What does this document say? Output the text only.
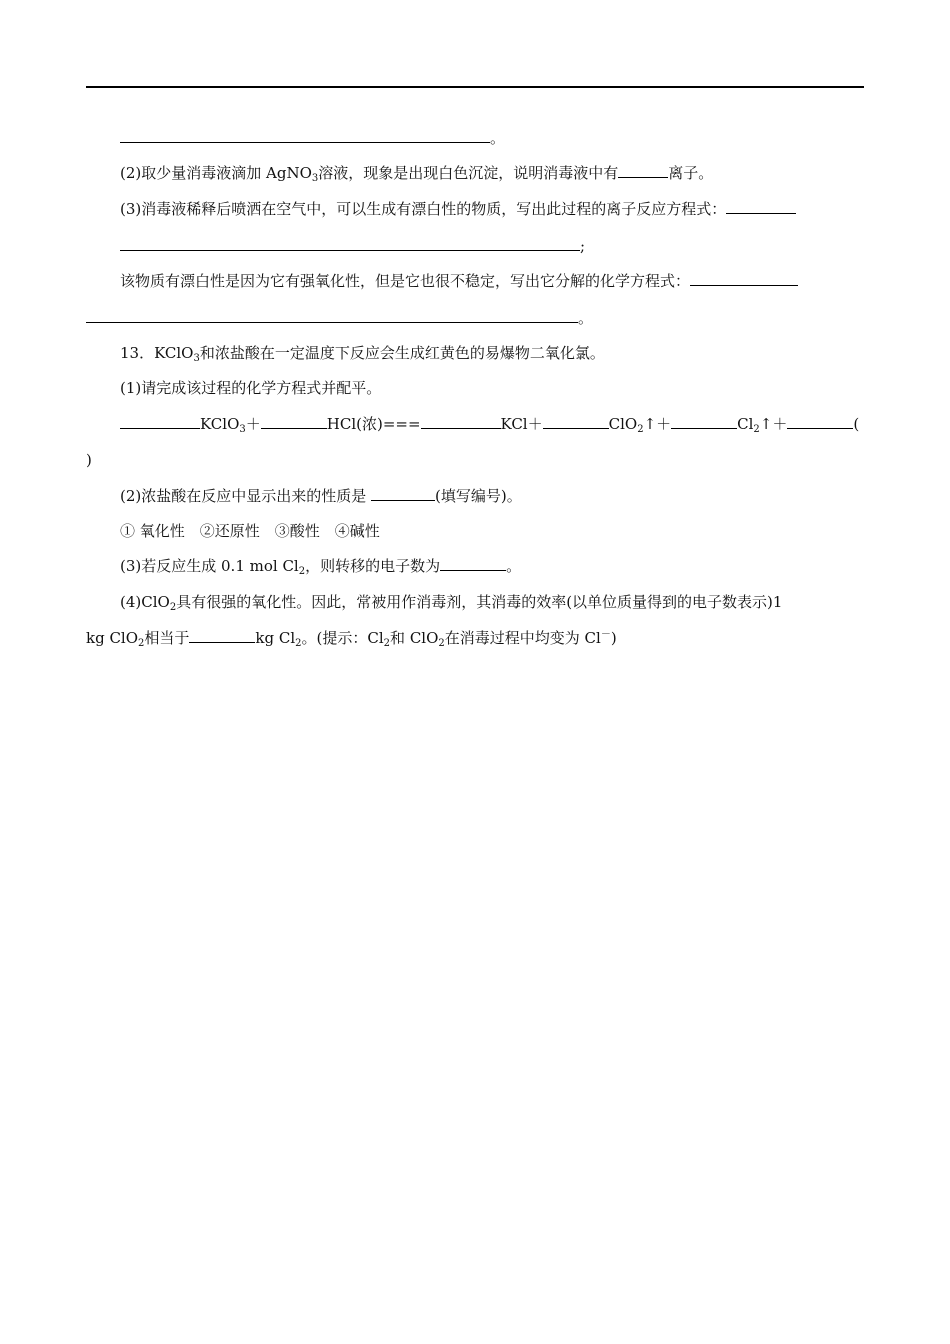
。
(2)取少量消毒液滴加 AgNO$_3$溶液，现象是出现白色沉淀，说明消毒液中有	离子。
(3)消毒液稀释后喷洒在空气中，可以生成有漂白性的物质，写出此过程的离子反应方程式：
;
该物质有漂白性是因为它有强氧化性，但是它也很不稳定，写出它分解的化学方程式：
。
13．KClO$_3$和浓盐酸在一定温度下反应会生成红黄色的易爆物二氧化氯。
(1)请完成该过程的化学方程式并配平。
KClO$_3$＋	HCl(浓)===	KCl＋	ClO$_2$↑＋	$Cl_2↑+$	(
)
(2)浓盐酸在反应中显示出来的性质是	(填写编号)。
① 氧化性　②还原性　③酸性　④碱性
(3)若反应生成 0.1 mol $Cl_2$，则转移的电子数为	。
(4)ClO$_2$具有很强的氧化性。因此，常被用作消毒剂，其消毒的效率(以单位质量得到的电子数表示)1
kg ClO$_2$相当于	kg $Cl_2$。(提示：$Cl_2$和 ClO$_2$在消毒过程中均变为 Cl－)
